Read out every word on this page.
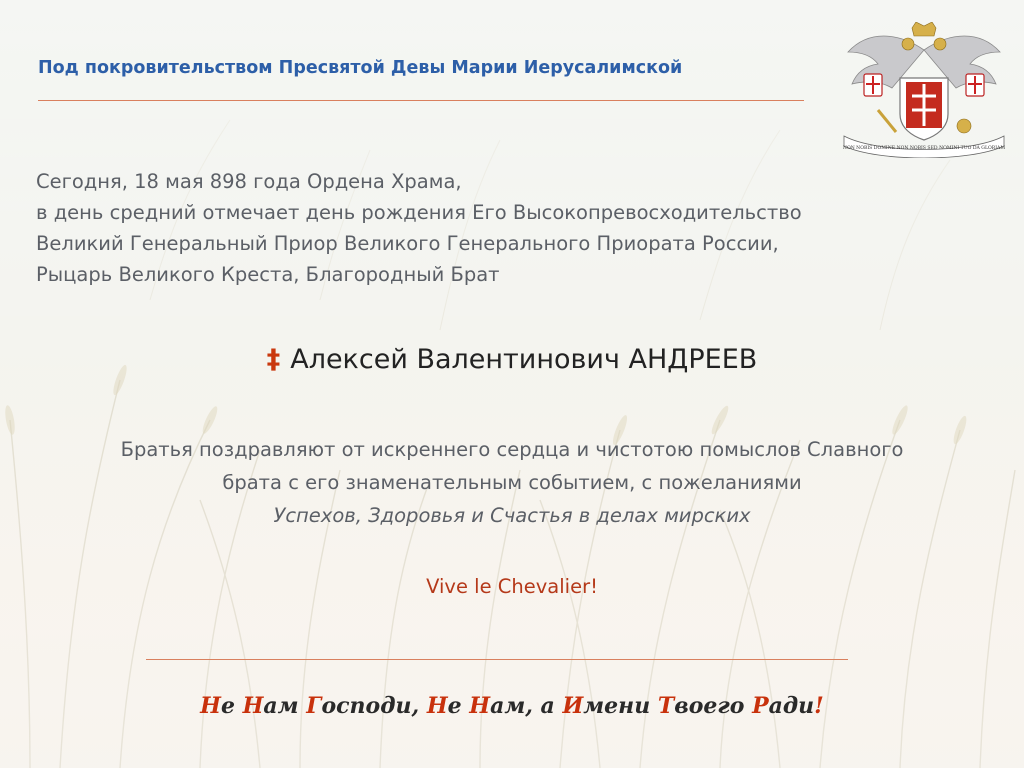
Под покровительством Пресвятой Девы Марии Иерусалимской
NON NOBIS DOMINE NON NOBIS SED NOMINI TUO DA GLORIAM
Сегодня, 18 мая 898 года Ордена Храма,
в день средний отмечает день рождения Его Высокопревосходительство
Великий Генеральный Приор Великого Генерального Приората России,
Рыцарь Великого Креста, Благородный Брат
‡ Алексей Валентинович АНДРЕЕВ
Братья поздравляют от искреннего сердца и чистотою помыслов Славного
брата с его знаменательным событием, с пожеланиями
Успехов, Здоровья и Счастья в делах мирских
Vive le Chevalier!
Не Нам Господи, Не Нам, а Имени Твоего Ради!
